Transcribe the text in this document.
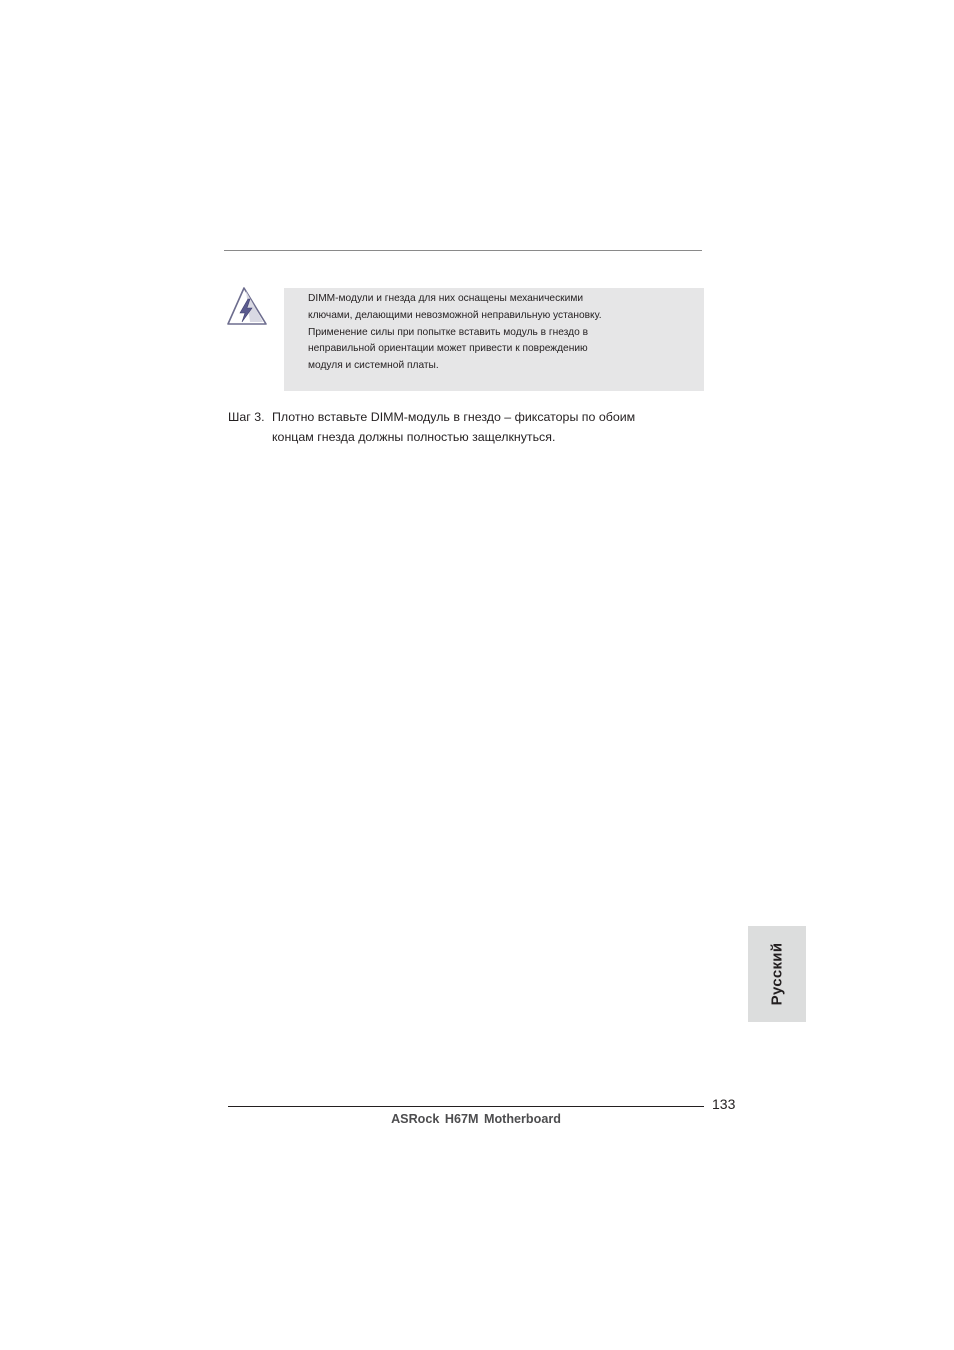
DIMM-модули и гнезда для них оснащены механическими
ключами, делающими невозможной неправильную установку.
Применение силы при попытке вставить модуль в гнездо в
неправильной ориентации может привести к повреждению
модуля и системной платы.
Шаг 3. Плотно вставьте DIMM-модуль в гнездо – фиксаторы по обоим
концам гнезда должны полностью защелкнуться.
Русский
133
ASRock H67M Motherboard
